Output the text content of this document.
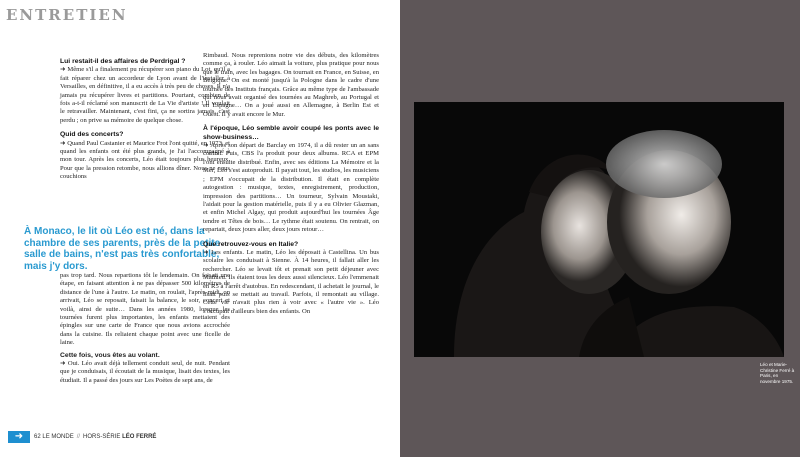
ENTRETIEN
Lui restait-il des affaires de Perdrigal ?

➜ Même s'il a finalement pu récupérer son piano du Lot, qu'il a fait réparer chez un accordeur de Lyon avant de l'installer à Versailles, en définitive, il a eu accès à très peu de choses. Il n'a jamais pu récupérer livres et partitions. Pourtant, combien de fois a-t-il réclamé son manuscrit de La Vie d'artiste ! Il voulait le retravailler. Maintenant, c'est fini, ça ne sortira jamais, c'est perdu ; on prive sa mémoire de quelque chose.

Quid des concerts?

➜ Quand Paul Castanier et Maurice Frot l'ont quitté, en 1973, et quand les enfants ont été plus grands, je l'ai l'accompagné à mon tour. Après les concerts, Léo était toujours plus heureux. Pour que la pression retombe, nous allions dîner. Nous ne nous couchions

À Monaco, le lit où Léo est né, dans la chambre de ses parents, près de la petite salle de bains, n'est pas très confortable, mais j'y dors.

pas trop tard. Nous repartions tôt le lendemain. On faisait une étape, en faisant attention à ne pas dépasser 500 kilomètres de distance de l'une à l'autre. Le matin, on roulait, l'après-midi, on arrivait, Léo se reposait, faisait la balance, le soir, concert et voilà, ainsi de suite… Dans les années 1980, lorsque les tournées furent plus importantes, les enfants mettaient des épingles sur une carte de France que nous avions accrochée dans la cuisine. Ils reliaient chaque point avec une ficelle de laine.

Cette fois, vous êtes au volant.

➜ Oui. Léo avait déjà tellement conduit seul, de nuit. Pendant que je conduisais, il écoutait de la musique, lisait des textes, les étudiait. Il a passé des jours sur Les Poètes de sept ans, de

Rimbaud. Nous reprenions notre vie des débuts, des kilomètres comme ça, à rouler. Léo aimait la voiture, plus pratique pour nous que le train, avec les bagages. On tournait en France, en Suisse, en Belgique. On est monté jusqu'à la Pologne dans le cadre d'une tournée des Instituts français. Grâce au même type de l'ambassade qui nous avait organisé des tournées au Maghreb, au Portugal et en Espagne… On a joué aussi en Allemagne, à Berlin Est et Ouest. Il y avait encore le Mur.

À l'époque, Léo semble avoir coupé les ponts avec le show-business…

➜ Après son départ de Barclay en 1974, il a dû rester un an sans contrat. Puis, CBS l'a produit pour deux albums. RCA et EPM l'ont ensuite distribué. Enfin, avec ses éditions La Mémoire et la Mer, Léo s'est autoproduit. Il payait tout, les studios, les musiciens ; EPM s'occupait de la distribution. Il était en complète autogestion : musique, textes, enregistrement, production, impression des partitions… Un tourneur, Sylvain Moustaki, l'aidait pour la gestion matérielle, puis il y a eu Olivier Glazman, et enfin Michel Algay, qui produit aujourd'hui les tournées Âge tendre et Têtes de bois… Le rythme était soutenu. On rentrait, on repartait, deux jours aller, deux jours retour…

Que retrouvez-vous en Italie?

➜ Les enfants. Le matin, Léo les déposait à Castellina. Un bus scolaire les conduisait à Sienne. À 14 heures, il fallait aller les rechercher. Léo se levait tôt et prenait son petit déjeuner avec Mathieu. Ils étaient tous les deux aussi silencieux. Léo l'emmenait en R5 à l'arrêt d'autobus. En redescendant, il achetait le journal, le lisait puis se mettait au travail. Parfois, il remontait au village. Cette vie n'avait plus rien à voir avec « l'autre vie ». Léo s'occupait d'ailleurs bien des enfants. On

➜	62
LE MONDE // HORS-SÉRIE
LÉO FERRÉ
Léo et Marie-Christine Ferré à Paris, en novembre 1975.
